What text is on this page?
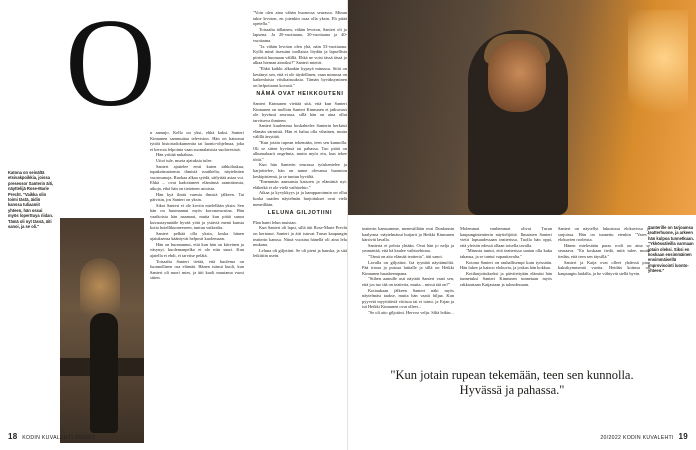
Katona on seinältä etsivakpoikkia, joissa presessor Santerin äiti, näyttelijä Rose-Marie Precht. "Vaikka olin toimi tästä, äidin kanssa tuliaamit yhteen, hän ossai myös loperttuya riidan. Tämä oli nyt tässä, äiti sanoi, ja se oli."
O

n aamujo. Kello on yksi, ehkä kaksi. Santeri Kinnunen sammuttaa television. Hän on katsonut tyttöä historiadokumentta tai luonto-ohjelmaa, joka ei kerrota lelpointa vaan suomalaisista suolavesistä.

Hän yrittää nukahtaa.

Uitoi tule, murta ajatuksia tulee.

Santeri ajattelee eesti kuten sähkölaskua, tupakoimattomia ihmisiä ruutikelta, näytelmien vuorosanoja. Ruokaa alkaa syödä, säilyttää asiaa voi. Ehkä ... ovat kadottaneet elämänsä raamittomia, aikoja, eikä hän on tietoinen asioista.

Hän kyä ilmiä varmia ilmisiä jälkeen. Tai päivisin, jos Santeri on yksin.

Sikoi Santeri ei ole koviin mielellään yksin. Sen hän on huomannut myös koronavuosina. Hän vaaikoista hän naamaat, mutta kun pitää sanoa kuvauszynnääle hyvää yötä ja ystäviä menä kansia kotia hotellihuoneeseen, tuntuu vaikealta.

Santeri pelkää olla yksin, koska hänen ajatuksensa kääntyvät helposti kuolemaan.

Hän on huomannut, että kun hän on kiireinen ja väsynyt, kuolemanpelko ei ole niin suuri. Kun ajatella ei ehdi, ei tarvitse pelätä.

Toisaalta Santeri tietää, että kuolema on luonnollinen osa elämää. Hänen isänsä kuoli, kun Santeri oli nuori mies, ja äiti kuoli muutama vuosi sitten.

"Voin olen aina vähän huonossa seurassa. Minun takie levoton, en jotenkin osaa olla yksin. Eh pitää opetella."

Toisaalta tällainen, vähän levoton, Santeri oli jo lapsena. Ja 20-vuotiaana, 30-vuotiaana ja 40-vuotiaana.

"Ja vähän levoton olen yhä, näin 53-vuotiaana. Kyllä minä itsessäni tuollaista löydän ja lapsellisia piirteitä huomaan välillä. Ehkä ne voisi tässä iässä jo alkaa hieman ainoiksi?" Santeri miettii.

"Ehkä kaikki alkaakin kypsyä minussa. Siitä on kestänyt sen, että ei ole täydellinen, vaan minussa on kaikenlaisia viisikaisuuksia. Tämän hyväksyminen on helpottanut kovasti."

NÄMÄ OVAT HEIKKOUTENI

Santeri Kinnunen viettää sitä, että kun Santeri Kinnunen on tuolloin Santeri Kinnunen ei jatkuvasti ole hyvässä seurassa, sillä hän on aina ollut tarvitseva ihminen.

Santeri kuulemma hoskahtelee Santerin herkästi elämän särmistä. Hän ei halua olla vihainen, mutta välillä ärsyttää.

"Kun jotain rupean tekemään, teen sen kunnolla. Oli se sitten hyvässä tai pahassa. Tuo pitää on albumalaarit ongelmia, mutta myös etu, kun tekee töitä."

Kun hän Santerin seurassa työskentelee ja harjoittelee, hän on tunne olevansa huomion keskipisteenä, ja se tuntuu hyvältä.

"Enemmän aamunsta katsoen ja elämästä nyt: eläkeikä ei ole vielä vaihtoehto."

Aikaa ja kyvykkyys ja ja hampparoinnin on ollut koska usaden näytelmän harjoitukset ovat vielä meneillään.

LELUNA GILJOTIINI

Plan hanti lelun muistan.

Kun Santeri oli lapsi, sillä äiti Rose-Marie Precht on kertonut. Santeri ja äiti istuvat Turun kaupungin teatterin kanssa. Niinä vuosina hänellä oli aina lelu mukana.

Leluna oli giljotiini. Se oli pieni ja hauska, ja sitä leikittiin usein.

18 KODIN KUVALEHTI 20/2022
Santerille on tarjoamsa teatterhuone, ja arkeen hän kulpoa tunnetkuan. "Ykkössäleilla varmaan jotain oleksi. Siksi en koskaan ensimmäinen ensimmäisellä improvisointi luonto-yhteen."

teatterin kanssamme, menestillään ovat Dunlonnin kaalyrma -näytelmässä huijarit ja Heikki Kinnunen kärsivät lavalla.

Santeria ei pelota yhtään. Ovat hän jo nelja ja ymmärtää, että hä kaulee vaihtoehtona.

"Tämä on aito elämää teatteria", äiti sanoi.

Lavalla on giljotiini. Isä tyyntää näyttämöltä. Pää irtoaa ja putoaa lattialle ja sillä on Heikki Kinnunen hauskeempana.

"Siihen aamulle asti näyttää Santeri vaati sen, että jos tuo tää on teatteria, mutta... missä tää on?"

Kotiaukaan jälkeen Santeri näki myös näytelmäsi taakse, mutta hän vaatii hiljaa. Kun pyyvetä myytittäviä vitiisoa tai ei toimi, ja Erjan ja isä Heikki Kinnunen ovat olleet...

"Se oli aito giljotiini. Hervoo velju. Siltä leikin...

Molemmat vanhemmat olivat Turun kaupunginteatterin näyttelijöitä. Ilmaisten Santeri vietti lapsuudessaan teatterissa. Tuolla hän oppi, että yleisön edessä ollaan toisella tavalla.

"Minusta tuntui, että teatterissa saatan olla kuka tahansa, ja se tuntui vapauttavalta."

Kotona Santeri on rauhallisempi kuin työssään. Hän lukee ja katsoo elokuvia, ja joskus hän kokkaa.

Kotiharjoitukseksi ja päivitettyään elämäsi hän tunnetuksi Santeri Kinnunen tunnetaan myös rakkaastaan Kaijastaan ja taloudessaan.

Santeri on näytellyt lukuisissa elokuvissa ja sarjoissa. Hän on tunnettu etenkin "Vares"-elokuvien rooleista.

Hänen mielestään paras rooli on aina se seuraava. "En koskaan tiedä, mitä tulee, mutta tiedän, että teen sen täysillä."

Santeri ja Kaija ovat olleet yhdessä pian kaksikymmentä vuotta. Heidän kotinsa on kaupungin laidalla, ja he viihtyvät siellä hyvin.

"Kun jotain rupean tekemään, teen sen kunnolla. Hyvässä ja pahassa."
20/2022 KODIN KUVALEHTI 19
